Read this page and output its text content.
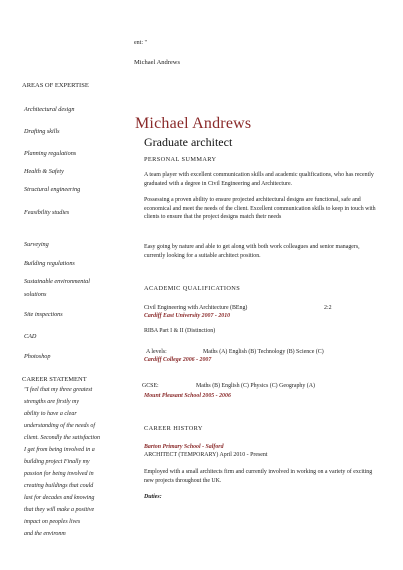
ent: "
Michael Andrews
AREAS OF EXPERTISE
Architectural design
Drafting skills
Planning regulations
Health & Safety
Structural engineering
Feasibility studies
Surveying
Building regulations
Sustainable environmental
solutions
Site inspections
CAD
Photoshop
CAREER STATEMENT
"I feel that my three greatest
strengths are firstly my
ability to have a clear
understanding of the needs of
client. Secondly the satisfaction
I get from being involved in a
building project Finally my
passion for being involved in
creating buildings that could
last for decades and knowing
that they will make a positive
impact on peoples lives
and the environm
Michael Andrews
Graduate architect
PERSONAL SUMMARY
A team player with excellent communication skills and academic qualifications, who has recently graduated with a degree in Civil Engineering and Architecture.
Possessing a proven ability to ensure projected architectural designs are functional, safe and economical and meet the needs of the client. Excellent communication skills to keep in touch with clients to ensure that the project designs match their needs
Easy going by nature and able to get along with both work colleagues and senior managers, currently looking for a suitable architect position.
ACADEMIC QUALIFICATIONS
Civil Engineering with Architecture (BEng)	2:2
Cardiff East University 2007 - 2010
RIBA Part I & II (Distinction)
A levels:	Maths (A) English (B) Technology (B) Science (C)
Cardiff College 2006 - 2007
GCSE:	Maths (B) English (C) Physics (C) Geography (A)
Mount Pleasant School 2005 - 2006
CAREER HISTORY
Barton Primary School - Salford
ARCHITECT (TEMPORARY) April 2010 - Present
Employed with a small architects firm and currently involved in working on a variety of exciting new projects throughout the UK.
Duties:
